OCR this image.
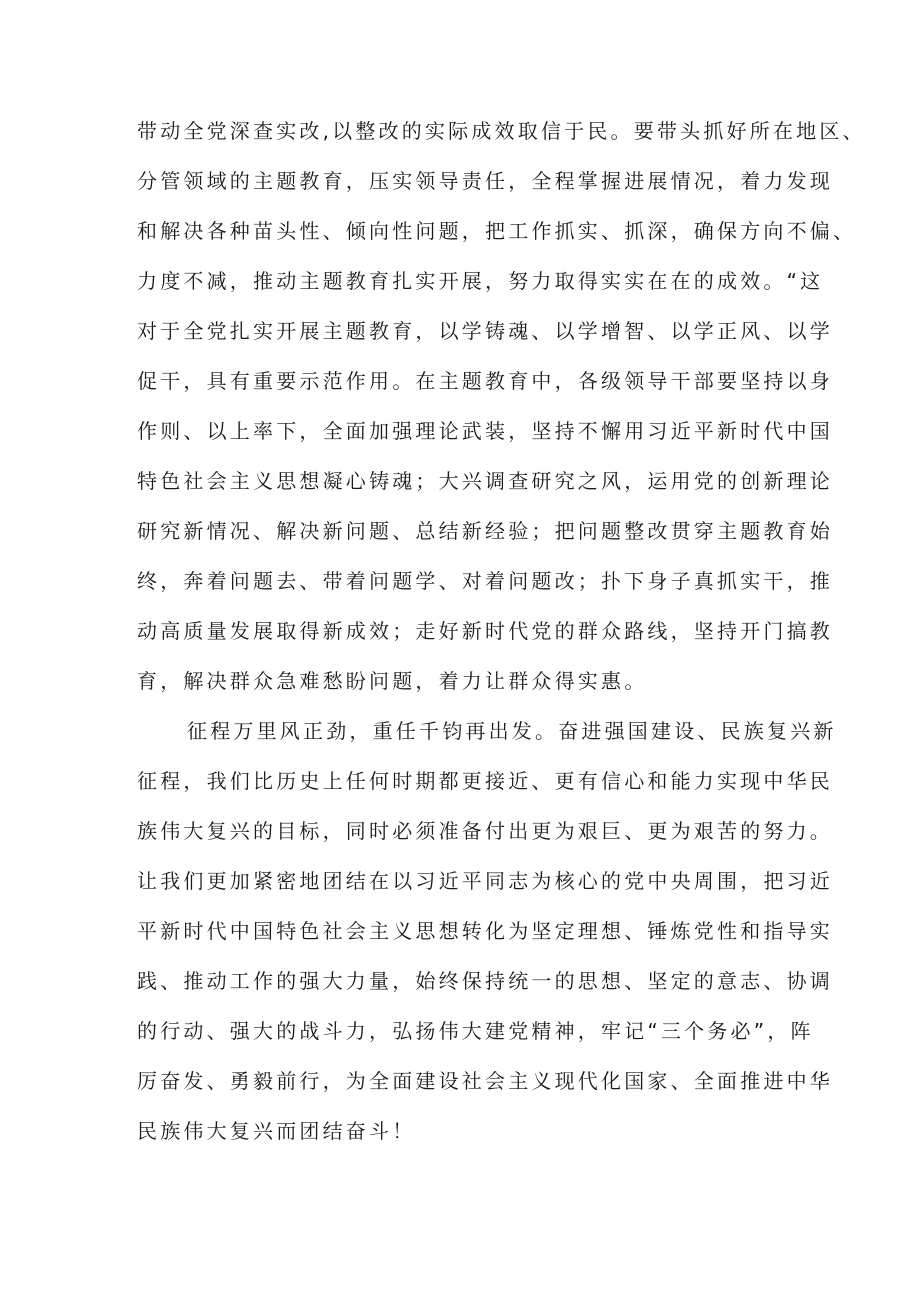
带动全党深查实改,以整改的实际成效取信于民。要带头抓好所在地区、
分管领域的主题教育，压实领导责任，全程掌握进展情况，着力发现
和解决各种苗头性、倾向性问题，把工作抓实、抓深，确保方向不偏、
力度不减，推动主题教育扎实开展，努力取得实实在在的成效。“这
对于全党扎实开展主题教育，以学铸魂、以学增智、以学正风、以学
促干，具有重要示范作用。在主题教育中，各级领导干部要坚持以身
作则、以上率下，全面加强理论武装，坚持不懈用习近平新时代中国
特色社会主义思想凝心铸魂；大兴调查研究之风，运用党的创新理论
研究新情况、解决新问题、总结新经验；把问题整改贯穿主题教育始
终，奔着问题去、带着问题学、对着问题改；扑下身子真抓实干，推
动高质量发展取得新成效；走好新时代党的群众路线，坚持开门搞教
育，解决群众急难愁盼问题，着力让群众得实惠。
征程万里风正劲，重任千钧再出发。奋进强国建设、民族复兴新
征程，我们比历史上任何时期都更接近、更有信心和能力实现中华民
族伟大复兴的目标，同时必须准备付出更为艰巨、更为艰苦的努力。
让我们更加紧密地团结在以习近平同志为核心的党中央周围，把习近
平新时代中国特色社会主义思想转化为坚定理想、锤炼党性和指导实
践、推动工作的强大力量，始终保持统一的思想、坚定的意志、协调
的行动、强大的战斗力，弘扬伟大建党精神，牢记“三个务必”，阵
厉奋发、勇毅前行，为全面建设社会主义现代化国家、全面推进中华
民族伟大复兴而团结奋斗！
